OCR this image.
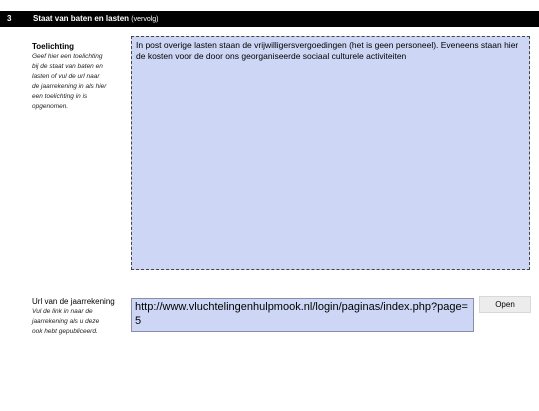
3	Staat van baten en lasten (vervolg)

Toelichting

Geef hier een toelichting

bij de staat van baten en

lasten of vul de url naar

de jaarrekening in als hier

een toelichting in is

opgenomen.

In post overige lasten staan de vrijwilligersvergoedingen (het is geen personeel). Eveneens staan hier de kosten voor de door ons georganiseerde sociaal culturele activiteiten

Url van de jaarrekening

Vul de link in naar de

jaarrekening als u deze

ook hebt gepubliceerd.

http://www.vluchtelingenhulpmook.nl/login/paginas/index.php?page=5
Open
